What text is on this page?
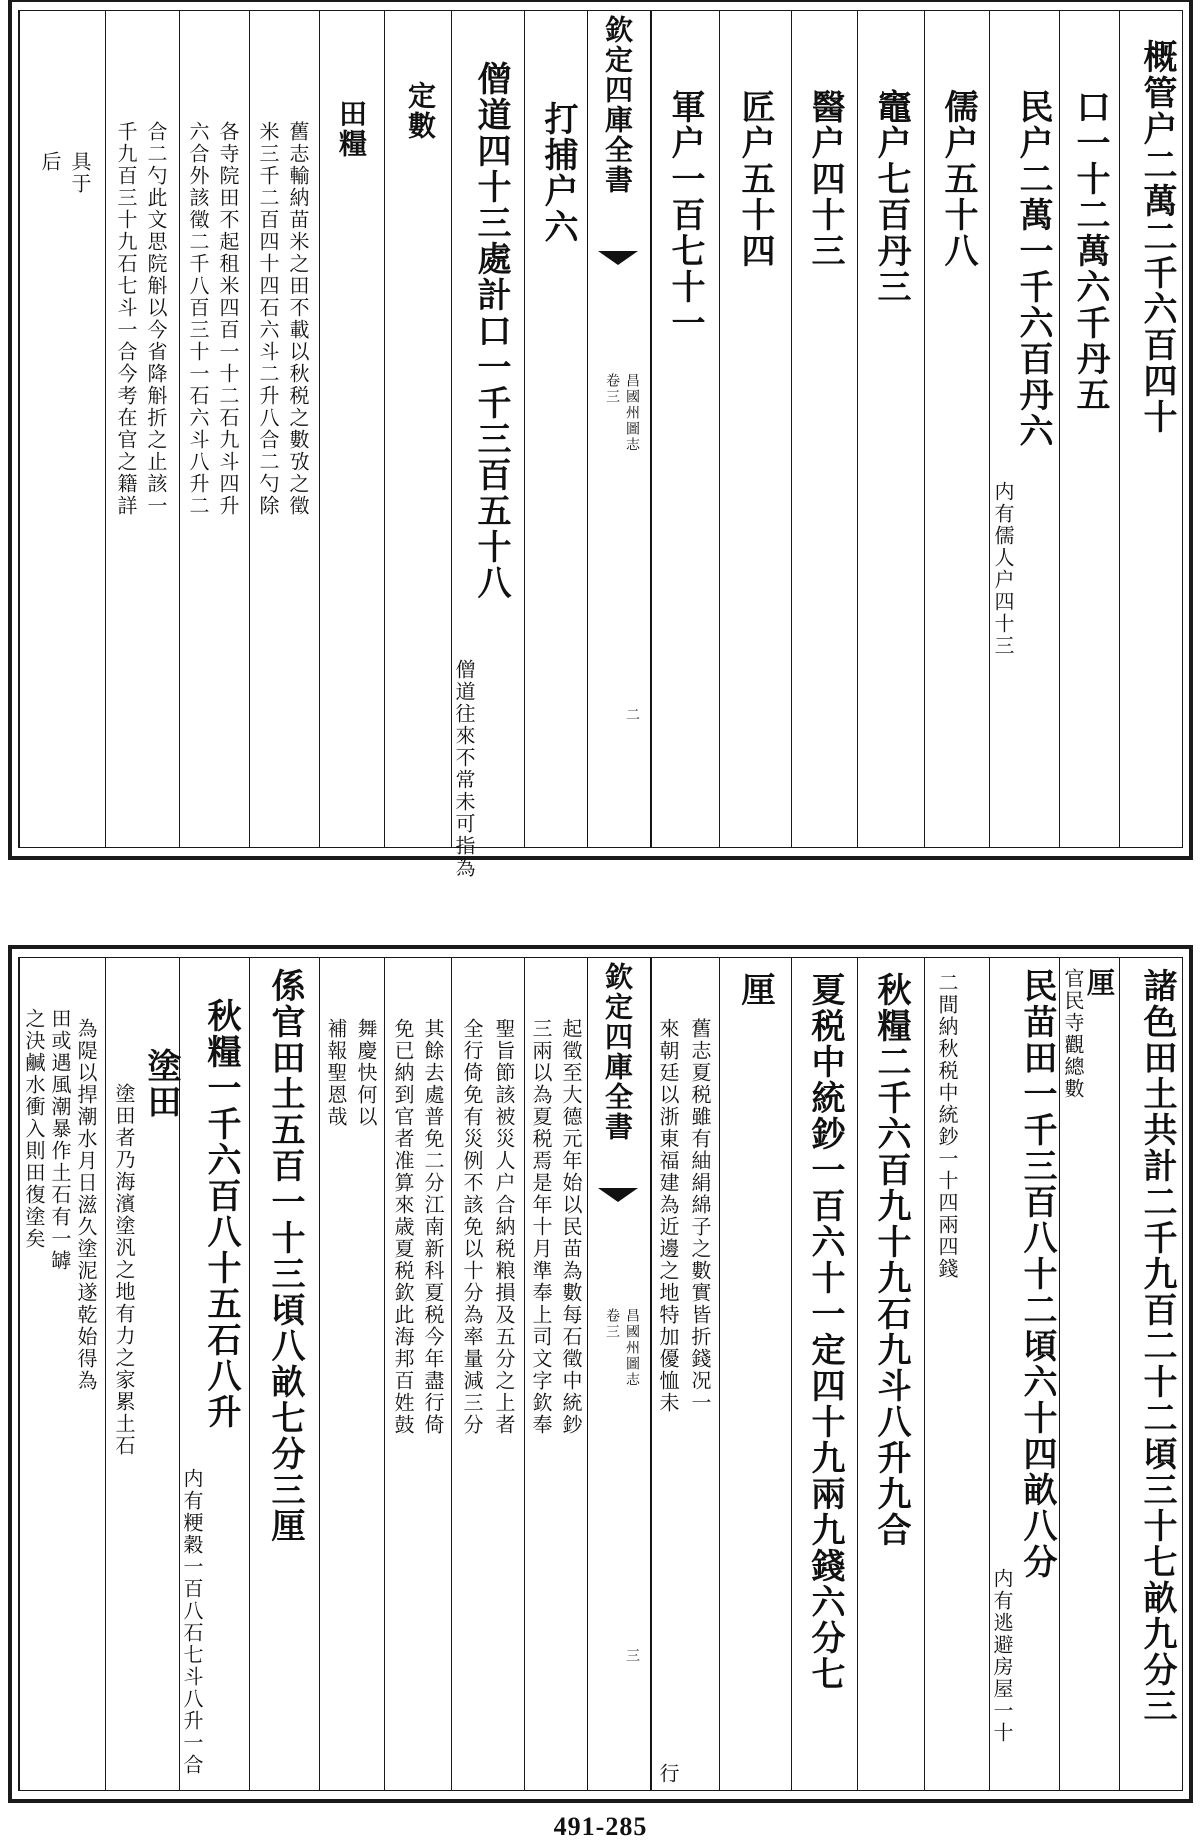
概管户二萬二千六百四十
口一十二萬六千丹五
民户二萬一千六百丹六
内有儒人户四十三
儒户五十八
竈户七百丹三
醫户四十三
匠户五十四
軍户一百七十一
欽定四庫全書
昌國州圖志
卷三
二
打捕户六
僧道四十三處計口一千三百五十八
僧道往來不常未可指為
定數
田糧
舊志輸納苗米之田不載以秋税之數攷之徵
米三千二百四十四石六斗二升八合二勺除
各寺院田不起租米四百一十二石九斗四升
六合外該徵二千八百三十一石六斗八升二
合二勺此文思院斛以今省降斛折之止該一
千九百三十九石七斗一合今考在官之籍詳
具于
后
諸色田土共計二千九百二十二頃三十七畝九分三
厘
官民寺觀總數
民苗田一千三百八十二頃六十四畝八分
内有逃避房屋一十
二間納秋税中統鈔一十四兩四錢
秋糧二千六百九十九石九斗八升九合
夏税中統鈔一百六十一定四十九兩九錢六分七
厘
舊志夏税雖有紬絹綿子之數實皆折錢况一
來朝廷以浙東福建為近邊之地特加優恤未
行
欽定四庫全書
昌國州圖志
卷三
三
起徵至大德元年始以民苗為數每石徵中統鈔
三兩以為夏税焉是年十月準奉上司文字欽奉
聖旨節該被災人户合納税粮損及五分之上者
全行倚免有災例不該免以十分為率量減三分
其餘去處普免二分江南新科夏税今年盡行倚
免已納到官者准算來歳夏税欽此海邦百姓鼓
舞慶快何以
補報聖恩哉
係官田土五百一十三頃八畝七分三厘
秋糧一千六百八十五石八升
内有粳穀一百八石七斗八升一合
塗田
塗田者乃海濱塗汎之地有力之家累土石
為隄以捍潮水月日滋久塗泥遂乾始得為
田或遇風潮暴作土石有一罅
之決鹹水衝入則田復塗矣
491-285
